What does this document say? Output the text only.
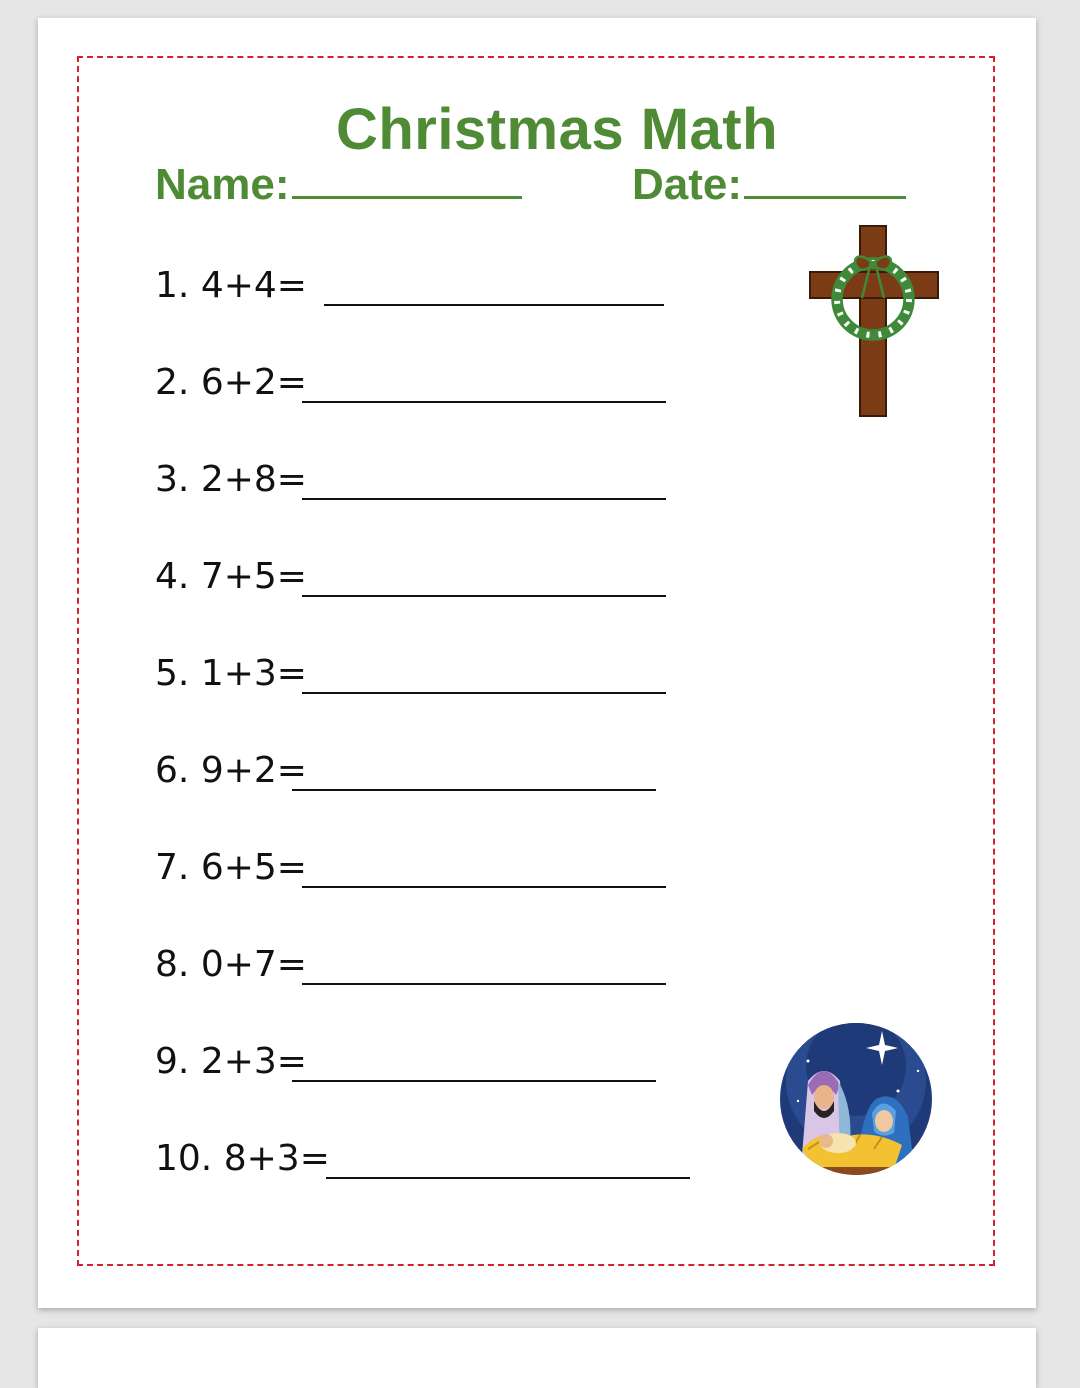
Christmas Math
Name:	Date:
1. 4+4=
2. 6+2=
3. 2+8=
4. 7+5=
5. 1+3=
6. 9+2=
7. 6+5=
8. 0+7=
9. 2+3=
10. 8+3=
